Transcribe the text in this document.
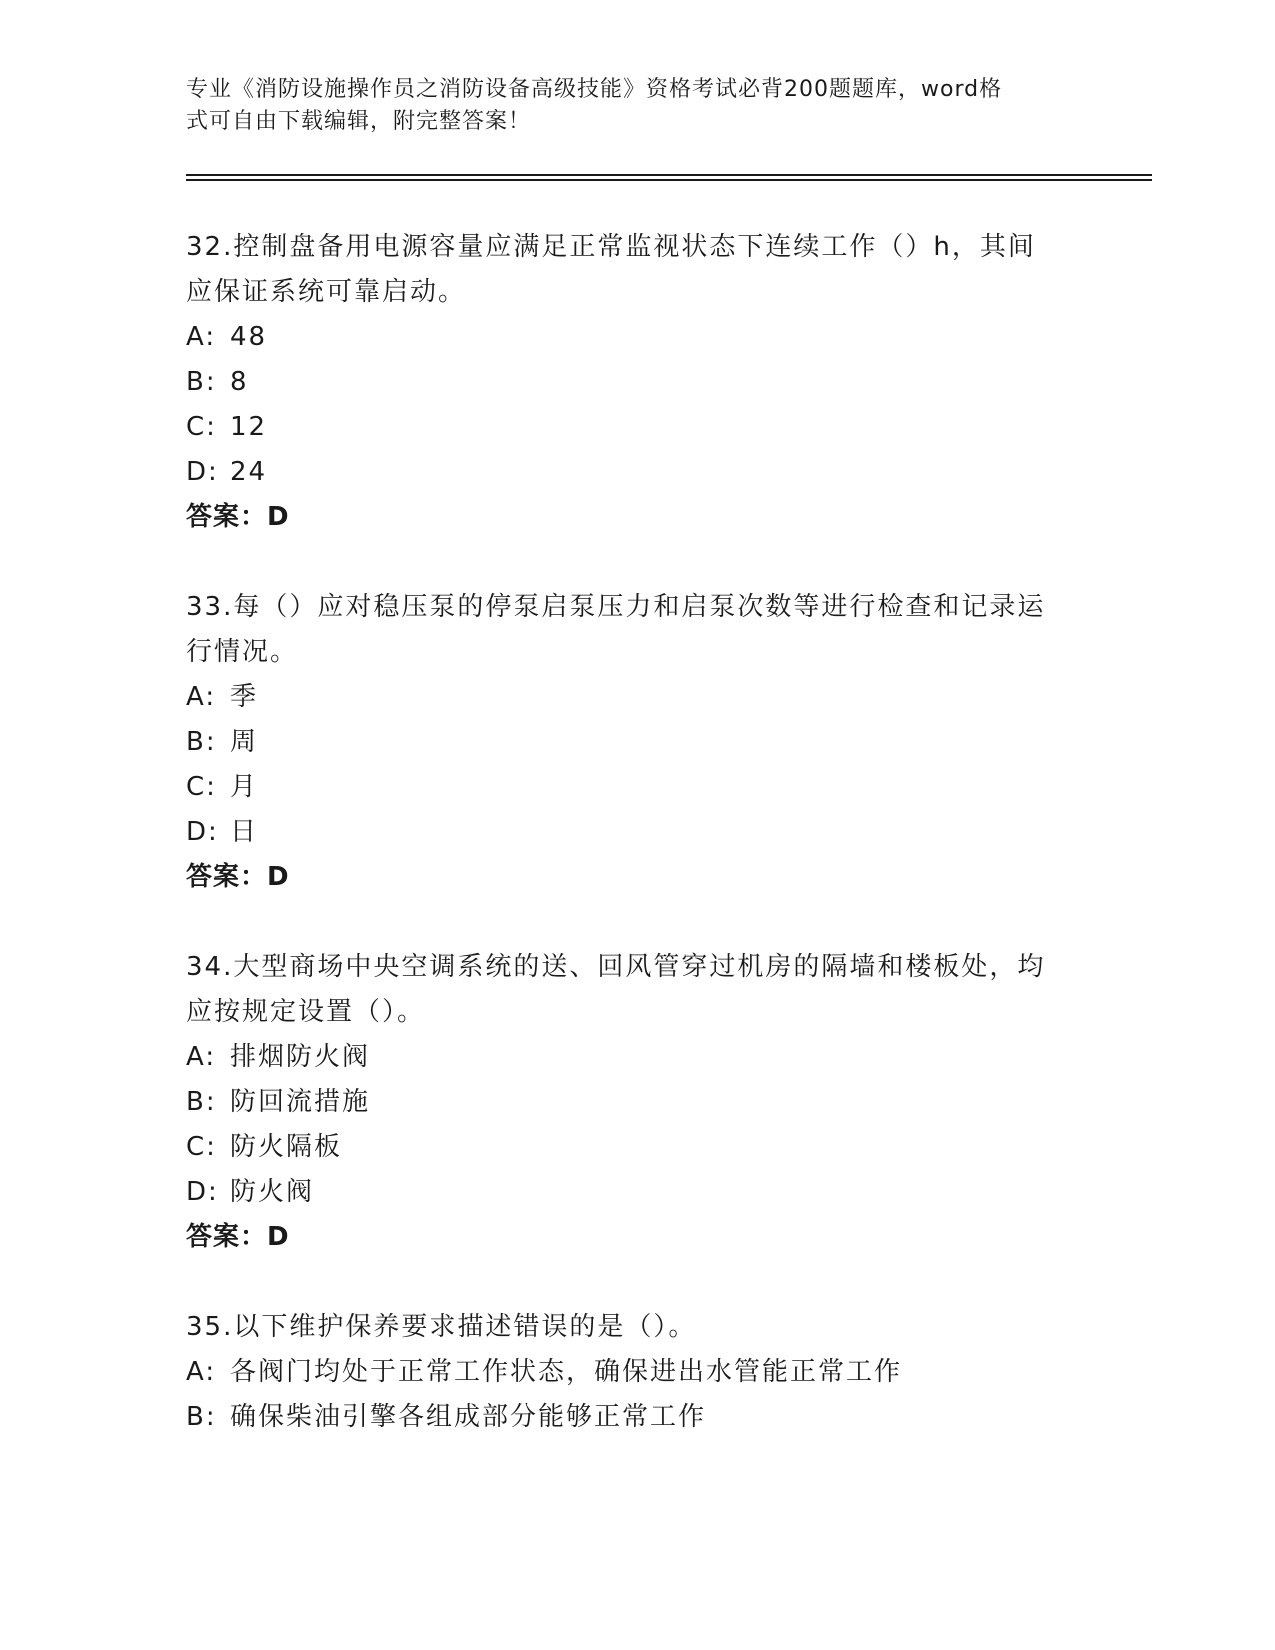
专业《消防设施操作员之消防设备高级技能》资格考试必背200题题库，word格
式可自由下载编辑，附完整答案！
32.控制盘备用电源容量应满足正常监视状态下连续工作（）h，其间
应保证系统可靠启动。
A: 48
B: 8
C: 12
D: 24
答案：D
33.每（）应对稳压泵的停泵启泵压力和启泵次数等进行检查和记录运
行情况。
A: 季
B: 周
C: 月
D: 日
答案：D
34.大型商场中央空调系统的送、回风管穿过机房的隔墙和楼板处，均
应按规定设置（）。
A: 排烟防火阀
B: 防回流措施
C: 防火隔板
D: 防火阀
答案：D
35.以下维护保养要求描述错误的是（）。
A: 各阀门均处于正常工作状态，确保进出水管能正常工作
B: 确保柴油引擎各组成部分能够正常工作
